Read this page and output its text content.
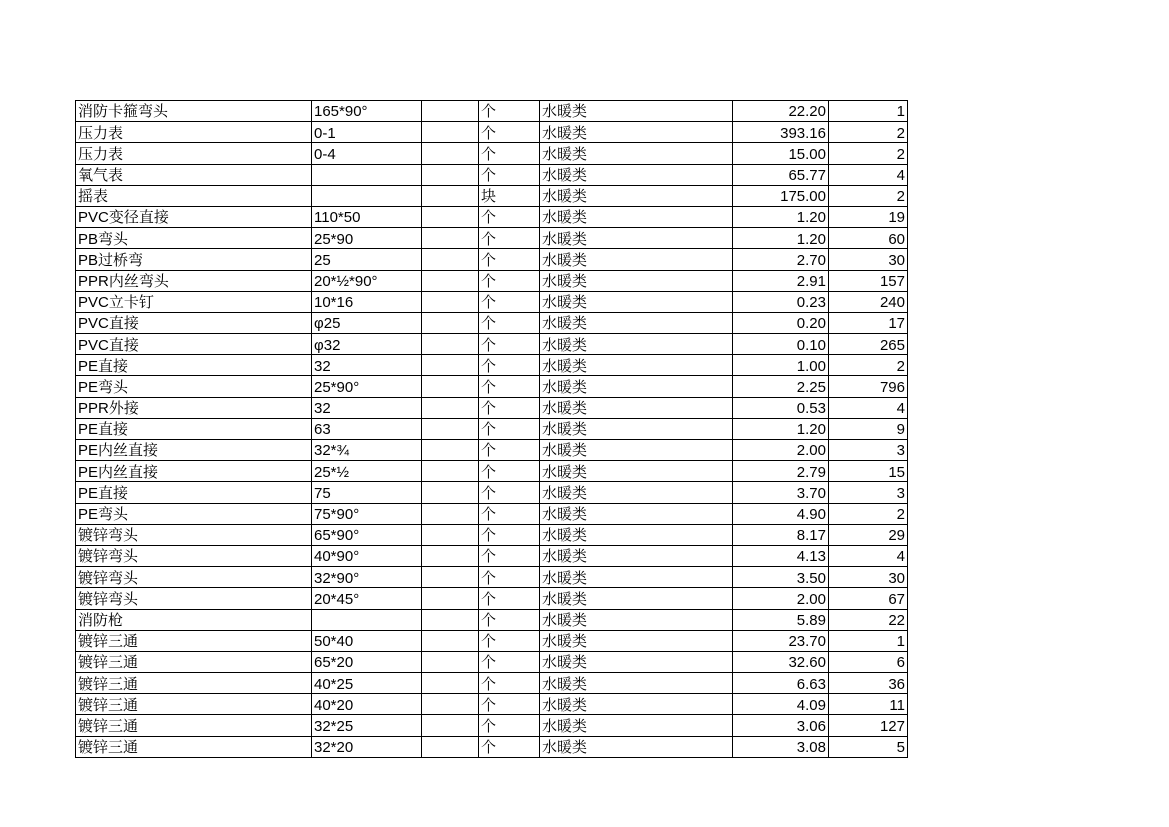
消防卡箍弯头	165*90°		个	水暖类	22.20	1
压力表	0-1		个	水暖类	393.16	2
压力表	0-4		个	水暖类	15.00	2
氧气表			个	水暖类	65.77	4
摇表			块	水暖类	175.00	2
PVC变径直接	110*50		个	水暖类	1.20	19
PB弯头	25*90		个	水暖类	1.20	60
PB过桥弯	25		个	水暖类	2.70	30
PPR内丝弯头	20*½*90°		个	水暖类	2.91	157
PVC立卡钉	10*16		个	水暖类	0.23	240
PVC直接	φ25		个	水暖类	0.20	17
PVC直接	φ32		个	水暖类	0.10	265
PE直接	32		个	水暖类	1.00	2
PE弯头	25*90°		个	水暖类	2.25	796
PPR外接	32		个	水暖类	0.53	4
PE直接	63		个	水暖类	1.20	9
PE内丝直接	32*¾		个	水暖类	2.00	3
PE内丝直接	25*½		个	水暖类	2.79	15
PE直接	75		个	水暖类	3.70	3
PE弯头	75*90°		个	水暖类	4.90	2
镀锌弯头	65*90°		个	水暖类	8.17	29
镀锌弯头	40*90°		个	水暖类	4.13	4
镀锌弯头	32*90°		个	水暖类	3.50	30
镀锌弯头	20*45°		个	水暖类	2.00	67
消防枪			个	水暖类	5.89	22
镀锌三通	50*40		个	水暖类	23.70	1
镀锌三通	65*20		个	水暖类	32.60	6
镀锌三通	40*25		个	水暖类	6.63	36
镀锌三通	40*20		个	水暖类	4.09	11
镀锌三通	32*25		个	水暖类	3.06	127
镀锌三通	32*20		个	水暖类	3.08	5
